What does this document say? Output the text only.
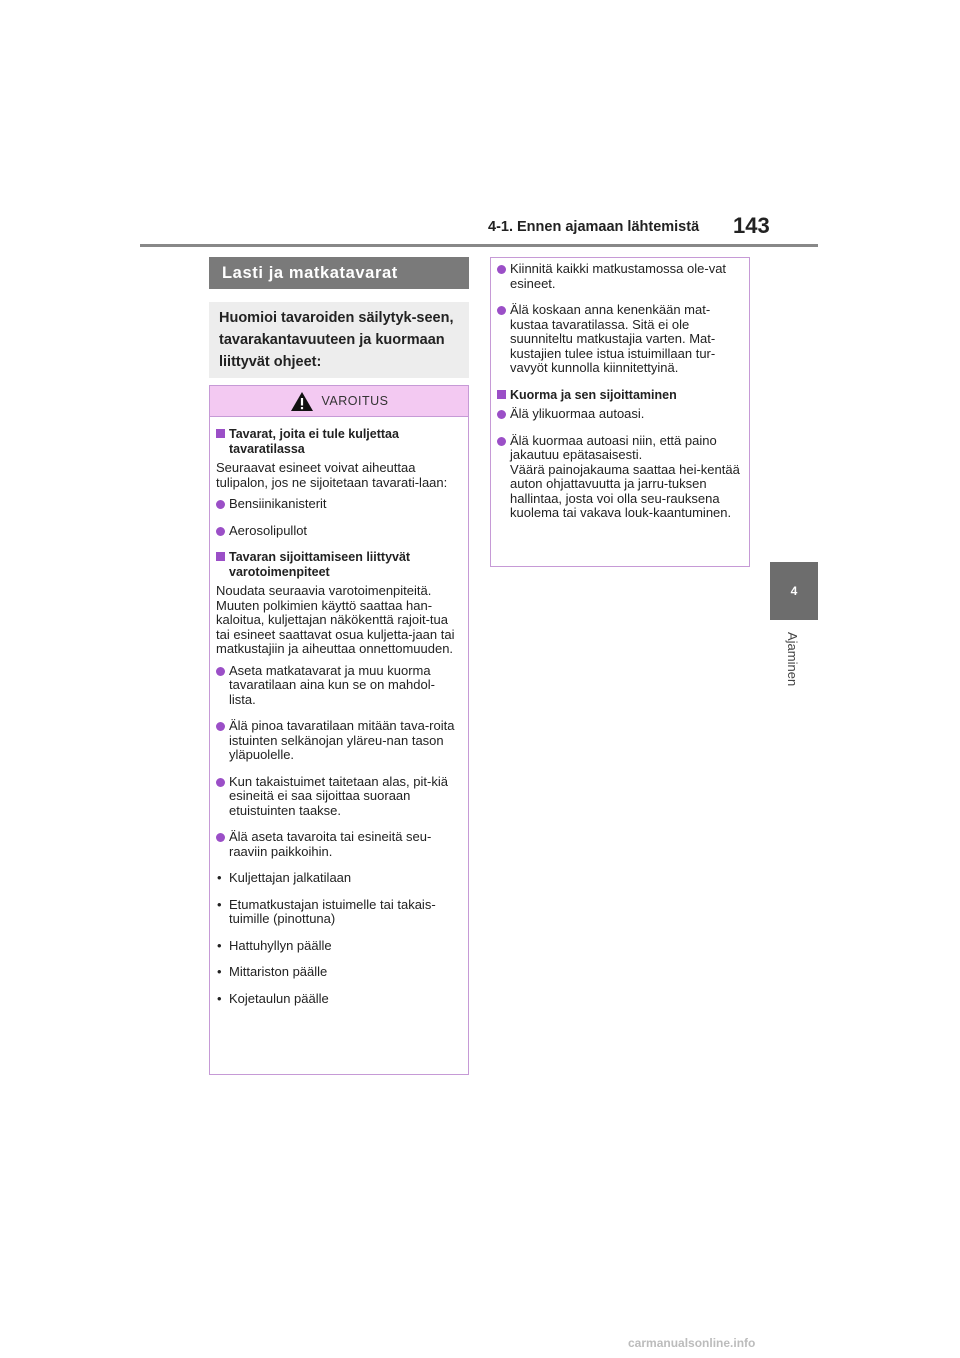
4-1. Ennen ajamaan lähtemistä 143
4
Ajaminen
Lasti ja matkatavarat
Huomioi tavaroiden säilytyk-seen, tavarakantavuuteen ja kuormaan liittyvät ohjeet:
VAROITUS
Tavarat, joita ei tule kuljettaa tavaratilassa
Seuraavat esineet voivat aiheuttaa tulipalon, jos ne sijoitetaan tavarati-laan:
Bensiinikanisterit
Aerosolipullot
Tavaran sijoittamiseen liittyvät varotoimenpiteet
Noudata seuraavia varotoimenpiteitä. Muuten polkimien käyttö saattaa han-kaloitua, kuljettajan näkökenttä rajoit-tua tai esineet saattavat osua kuljetta-jaan tai matkustajiin ja aiheuttaa onnettomuuden.
Aseta matkatavarat ja muu kuorma tavaratilaan aina kun se on mahdol-lista.
Älä pinoa tavaratilaan mitään tava-roita istuinten selkänojan yläreu-nan tason yläpuolelle.
Kun takaistuimet taitetaan alas, pit-kiä esineitä ei saa sijoittaa suoraan etuistuinten taakse.
Älä aseta tavaroita tai esineitä seu-raaviin paikkoihin.
• Kuljettajan jalkatilaan
• Etumatkustajan istuimelle tai takais-tuimille (pinottuna)
• Hattuhyllyn päälle
• Mittariston päälle
• Kojetaulun päälle
Kiinnitä kaikki matkustamossa ole-vat esineet.
Älä koskaan anna kenenkään mat-kustaa tavaratilassa. Sitä ei ole suunniteltu matkustajia varten. Mat-kustajien tulee istua istuimillaan tur-vavyöt kunnolla kiinnitettyinä.
Kuorma ja sen sijoittaminen
Älä ylikuormaa autoasi.
Älä kuormaa autoasi niin, että paino jakautuu epätasaisesti.
Väärä painojakauma saattaa hei-kentää auton ohjattavuutta ja jarru-tuksen hallintaa, josta voi olla seu-rauksena kuolema tai vakava louk-kaantuminen.
carmanualsonline.info
